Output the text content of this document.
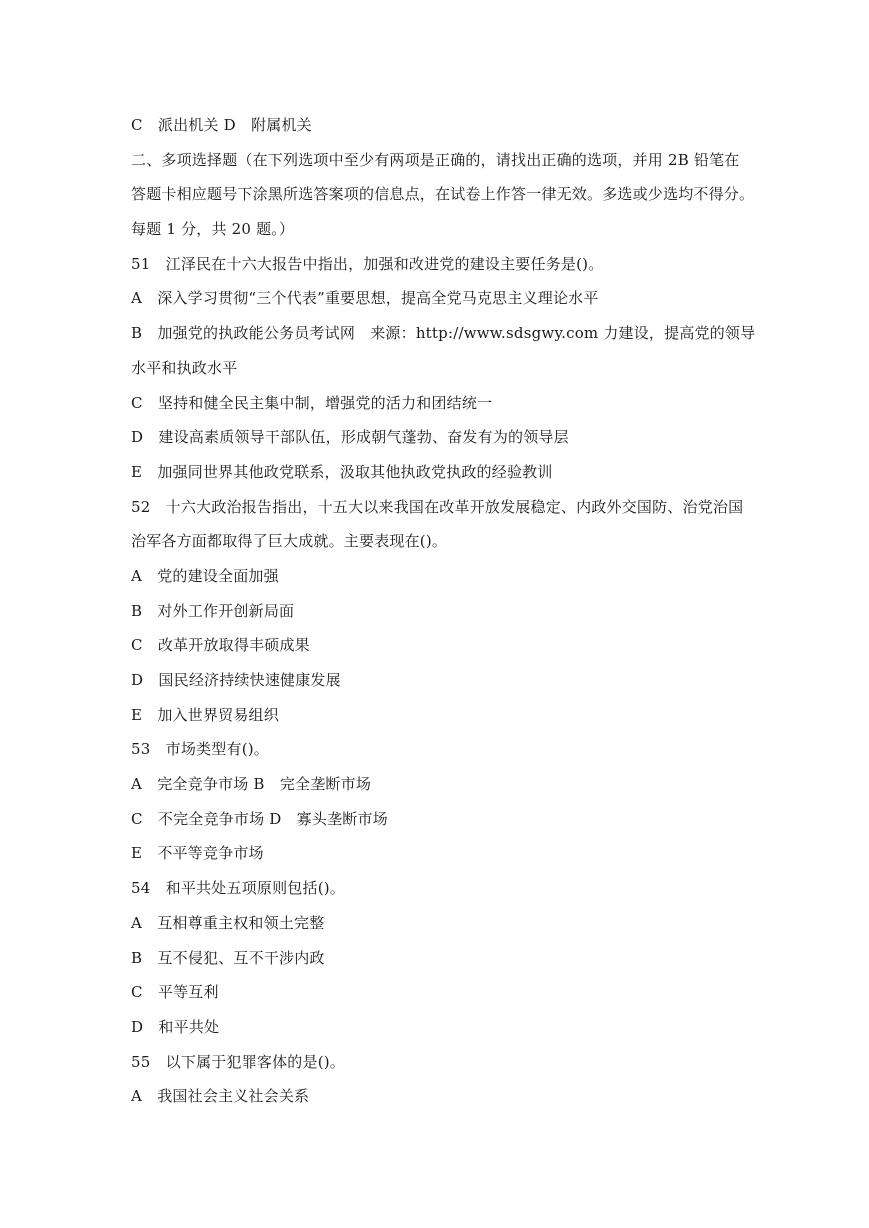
C　派出机关 D　附属机关
二、多项选择题（在下列选项中至少有两项是正确的，请找出正确的选项，并用 2B 铅笔在
答题卡相应题号下涂黑所选答案项的信息点，在试卷上作答一律无效。多选或少选均不得分。
每题 1 分，共 20 题。）
51　江泽民在十六大报告中指出，加强和改进党的建设主要任务是()。
A　深入学习贯彻“三个代表”重要思想，提高全党马克思主义理论水平
B　加强党的执政能公务员考试网　来源：http://www.sdsgwy.com 力建设，提高党的领导
水平和执政水平
C　坚持和健全民主集中制，增强党的活力和团结统一
D　建设高素质领导干部队伍，形成朝气蓬勃、奋发有为的领导层
E　加强同世界其他政党联系，汲取其他执政党执政的经验教训
52　十六大政治报告指出，十五大以来我国在改革开放发展稳定、内政外交国防、治党治国
治军各方面都取得了巨大成就。主要表现在()。
A　党的建设全面加强
B　对外工作开创新局面
C　改革开放取得丰硕成果
D　国民经济持续快速健康发展
E　加入世界贸易组织
53　市场类型有()。
A　完全竞争市场 B　完全垄断市场
C　不完全竞争市场 D　寡头垄断市场
E　不平等竞争市场
54　和平共处五项原则包括()。
A　互相尊重主权和领土完整
B　互不侵犯、互不干涉内政
C　平等互利
D　和平共处
55　以下属于犯罪客体的是()。
A　我国社会主义社会关系
